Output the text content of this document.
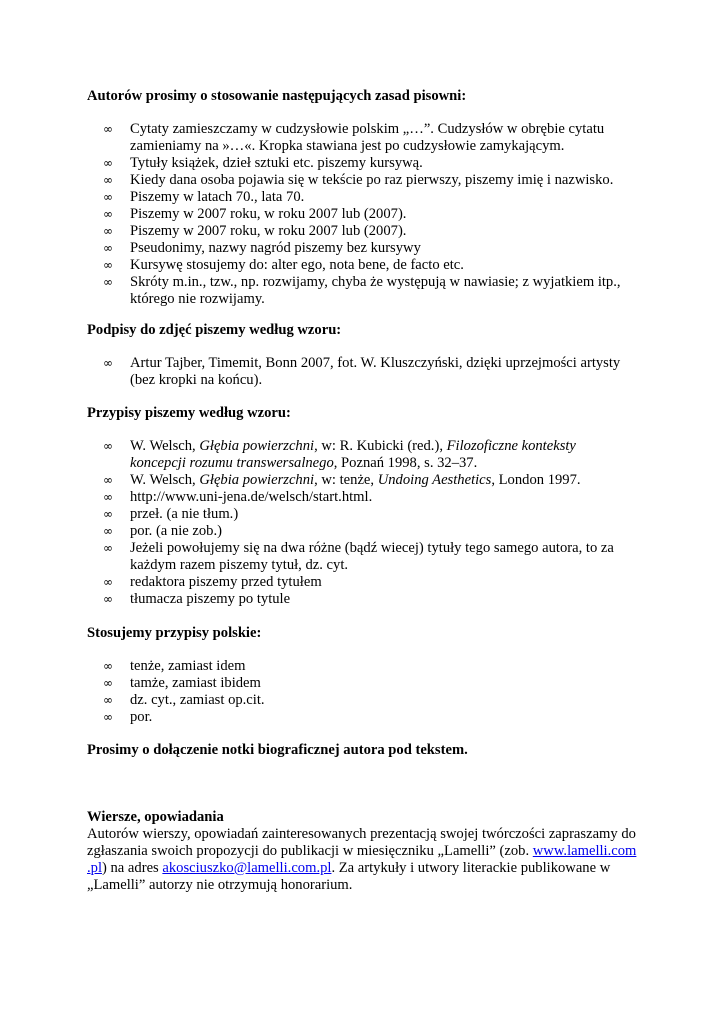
Autorów prosimy o stosowanie następujących zasad pisowni:

∞ Cytaty zamieszczamy w cudzysłowie polskim „…”. Cudzysłów w obrębie cytatu
zamieniamy na »…«. Kropka stawiana jest po cudzysłowie zamykającym.
∞ Tytuły książek, dzieł sztuki etc. piszemy kursywą.
∞ Kiedy dana osoba pojawia się w tekście po raz pierwszy, piszemy imię i nazwisko.
∞ Piszemy w latach 70., lata 70.
∞ Piszemy w 2007 roku, w roku 2007 lub (2007).
∞ Piszemy w 2007 roku, w roku 2007 lub (2007).
∞ Pseudonimy, nazwy nagród piszemy bez kursywy
∞ Kursywę stosujemy do: alter ego, nota bene, de facto etc.
∞ Skróty m.in., tzw., np. rozwijamy, chyba że występują w nawiasie; z wyjatkiem itp.,
którego nie rozwijamy.

Podpisy do zdjęć piszemy według wzoru:

∞ Artur Tajber, Timemit, Bonn 2007, fot. W. Kluszczyński, dzięki uprzejmości artysty
(bez kropki na końcu).

Przypisy piszemy według wzoru:

∞ W. Welsch, Głębia powierzchni, w: R. Kubicki (red.), Filozoficzne konteksty
koncepcji rozumu transwersalnego, Poznań 1998, s. 32–37.
∞ W. Welsch, Głębia powierzchni, w: tenże, Undoing Aesthetics, London 1997.
∞ http://www.uni-jena.de/welsch/start.html.
∞ przeł. (a nie tłum.)
∞ por. (a nie zob.)
∞ Jeżeli powołujemy się na dwa różne (bądź wiecej) tytuły tego samego autora, to za
każdym razem piszemy tytuł, dz. cyt.
∞ redaktora piszemy przed tytułem
∞ tłumacza piszemy po tytule

Stosujemy przypisy polskie:

∞ tenże, zamiast idem
∞ tamże, zamiast ibidem
∞ dz. cyt., zamiast op.cit.
∞ por.

Prosimy o dołączenie notki biograficznej autora pod tekstem.

Wiersze, opowiadania
Autorów wierszy, opowiadań zainteresowanych prezentacją swojej twórczości zapraszamy do
zgłaszania swoich propozycji do publikacji w miesięczniku „Lamelli” (zob. www.lamelli.com
.pl) na adres akosciuszko@lamelli.com.pl. Za artykuły i utwory literackie publikowane w
„Lamelli” autorzy nie otrzymują honorarium.
